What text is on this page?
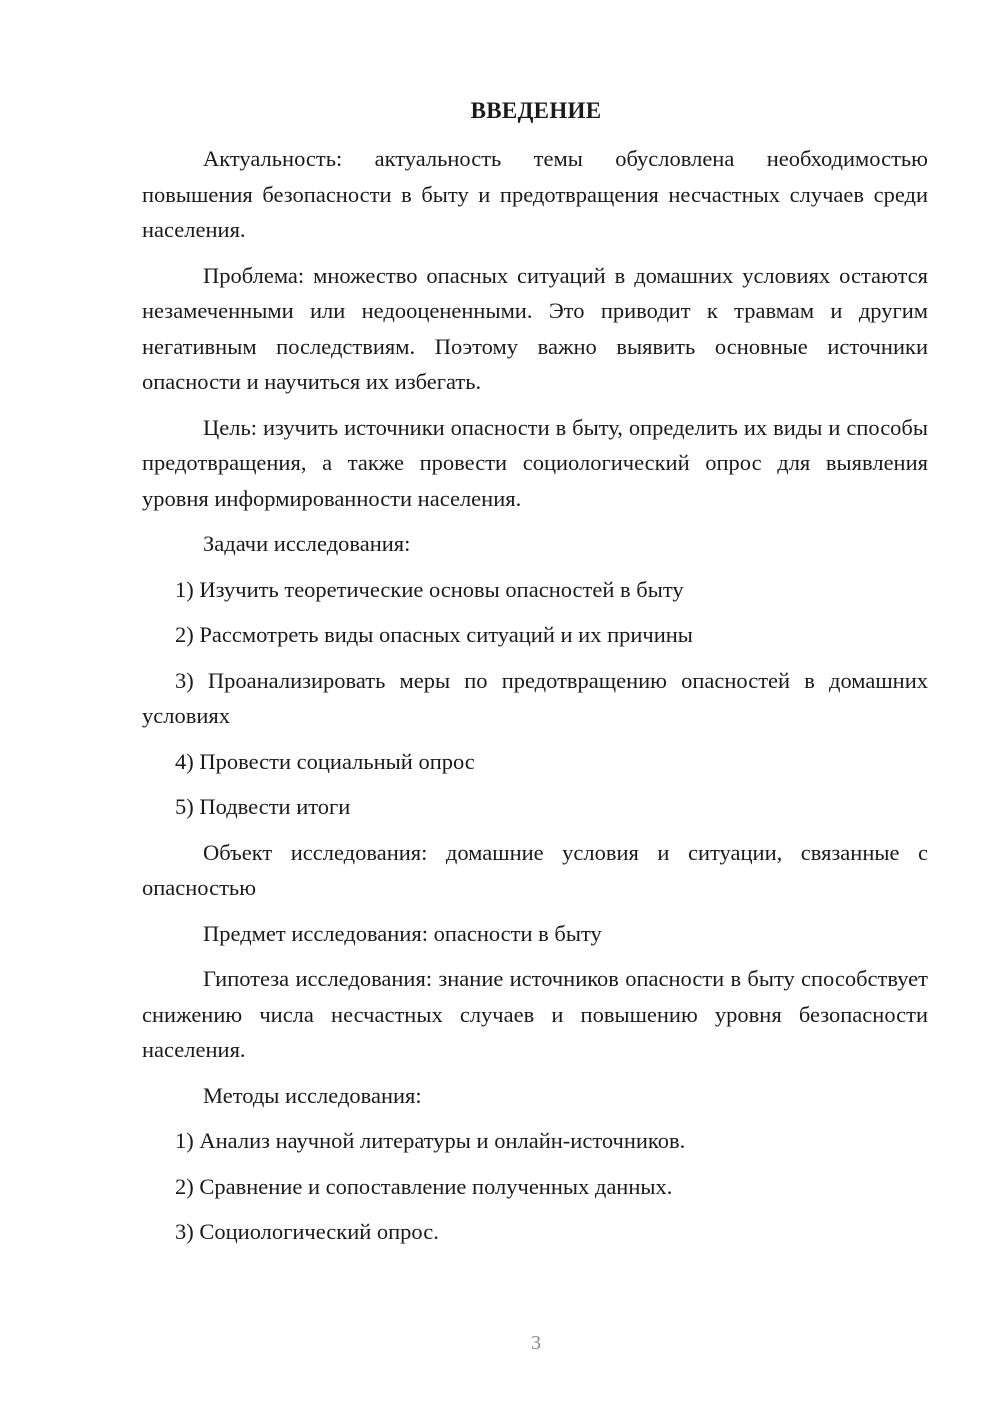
ВВЕДЕНИЕ

Актуальность: актуальность темы обусловлена необходимостью повышения безопасности в быту и предотвращения несчастных случаев среди населения.

Проблема: множество опасных ситуаций в домашних условиях остаются незамеченными или недооцененными. Это приводит к травмам и другим негативным последствиям. Поэтому важно выявить основные источники опасности и научиться их избегать.

Цель: изучить источники опасности в быту, определить их виды и способы предотвращения, а также провести социологический опрос для выявления уровня информированности населения.

Задачи исследования:

1) Изучить теоретические основы опасностей в быту

2) Рассмотреть виды опасных ситуаций и их причины

3) Проанализировать меры по предотвращению опасностей в домашних условиях

4) Провести социальный опрос

5) Подвести итоги

Объект исследования: домашние условия и ситуации, связанные с опасностью

Предмет исследования: опасности в быту

Гипотеза исследования: знание источников опасности в быту способствует снижению числа несчастных случаев и повышению уровня безопасности населения.

Методы исследования:

1) Анализ научной литературы и онлайн-источников.

2) Сравнение и сопоставление полученных данных.

3) Социологический опрос.

3
